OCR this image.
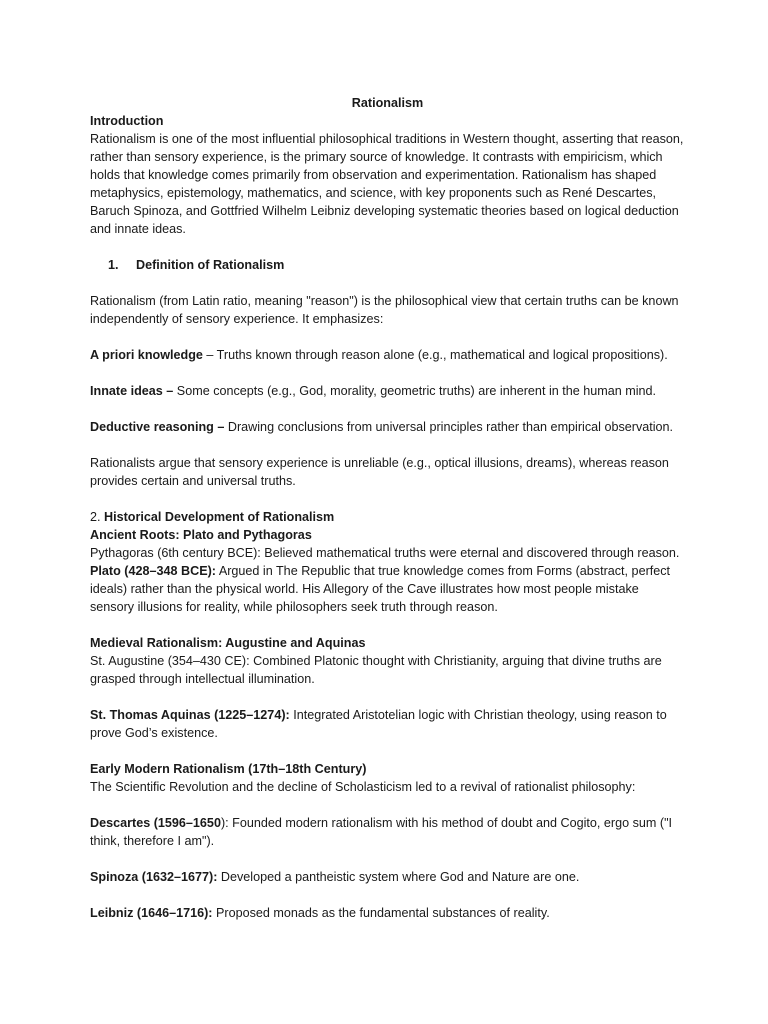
Rationalism

Introduction

Rationalism is one of the most influential philosophical traditions in Western thought, asserting that reason, rather than sensory experience, is the primary source of knowledge. It contrasts with empiricism, which holds that knowledge comes primarily from observation and experimentation. Rationalism has shaped metaphysics, epistemology, mathematics, and science, with key proponents such as René Descartes, Baruch Spinoza, and Gottfried Wilhelm Leibniz developing systematic theories based on logical deduction and innate ideas.

1. Definition of Rationalism

Rationalism (from Latin ratio, meaning "reason") is the philosophical view that certain truths can be known independently of sensory experience. It emphasizes:

A priori knowledge – Truths known through reason alone (e.g., mathematical and logical propositions).

Innate ideas – Some concepts (e.g., God, morality, geometric truths) are inherent in the human mind.

Deductive reasoning – Drawing conclusions from universal principles rather than empirical observation.

Rationalists argue that sensory experience is unreliable (e.g., optical illusions, dreams), whereas reason provides certain and universal truths.

2. Historical Development of Rationalism

Ancient Roots: Plato and Pythagoras

Pythagoras (6th century BCE): Believed mathematical truths were eternal and discovered through reason.

Plato (428–348 BCE): Argued in The Republic that true knowledge comes from Forms (abstract, perfect ideals) rather than the physical world. His Allegory of the Cave illustrates how most people mistake sensory illusions for reality, while philosophers seek truth through reason.

Medieval Rationalism: Augustine and Aquinas

St. Augustine (354–430 CE): Combined Platonic thought with Christianity, arguing that divine truths are grasped through intellectual illumination.

St. Thomas Aquinas (1225–1274): Integrated Aristotelian logic with Christian theology, using reason to prove God’s existence.

Early Modern Rationalism (17th–18th Century)

The Scientific Revolution and the decline of Scholasticism led to a revival of rationalist philosophy:

Descartes (1596–1650): Founded modern rationalism with his method of doubt and Cogito, ergo sum ("I think, therefore I am").

Spinoza (1632–1677): Developed a pantheistic system where God and Nature are one.

Leibniz (1646–1716): Proposed monads as the fundamental substances of reality.
